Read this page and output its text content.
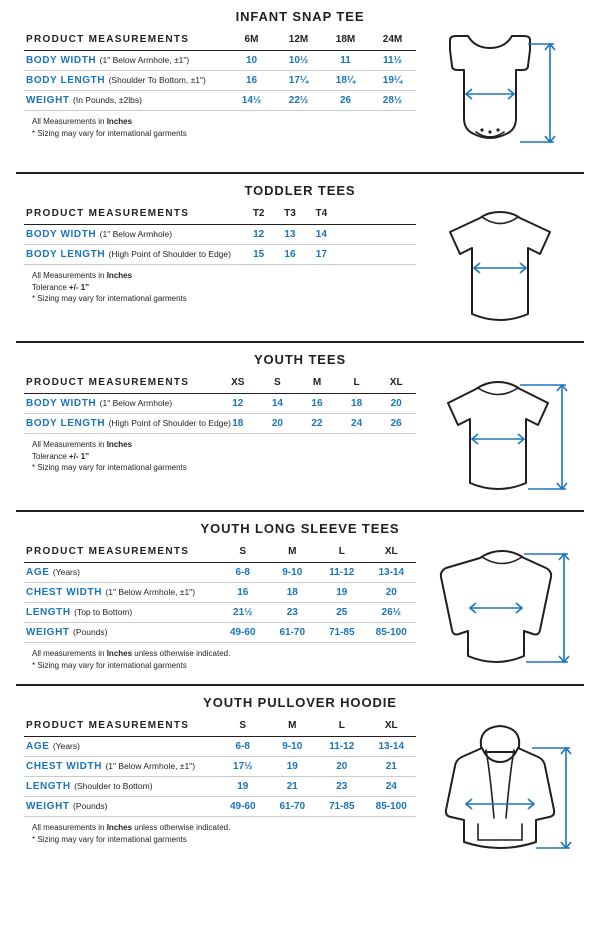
INFANT SNAP TEE
PRODUCT MEASUREMENTS	6M	12M	18M	24M
BODY WIDTH (1" Below Armhole, ±1")	10	10½	11	11½
BODY LENGTH (Shoulder To Bottom, ±1")	16	17¼	18¼	19¼
WEIGHT (In Pounds, ±2lbs)	14½	22½	26	28½
All Measurements in Inches
* Sizing may vary for international garments
TODDLER TEES
PRODUCT MEASUREMENTS	T2	T3	T4	
BODY WIDTH (1" Below Armhole)	12	13	14	
BODY LENGTH (High Point of Shoulder to Edge)	15	16	17	
All Measurements in Inches
Tolerance +/- 1”
* Sizing may vary for international garments
YOUTH TEES
PRODUCT MEASUREMENTS	XS	S	M	L	XL
BODY WIDTH (1" Below Armhole)	12	14	16	18	20
BODY LENGTH (High Point of Shoulder to Edge)	18	20	22	24	26
All Measurements in Inches
Tolerance +/- 1”
* Sizing may vary for international garments
YOUTH LONG SLEEVE TEES
PRODUCT MEASUREMENTS	S	M	L	XL
AGE (Years)	6-8	9-10	11-12	13-14
CHEST WIDTH (1" Below Armhole, ±1")	16	18	19	20
LENGTH (Top to Bottom)	21½	23	25	26½
WEIGHT (Pounds)	49-60	61-70	71-85	85-100
All measurements in Inches unless otherwise indicated.
* Sizing may vary for international garments
YOUTH PULLOVER HOODIE
PRODUCT MEASUREMENTS	S	M	L	XL
AGE (Years)	6-8	9-10	11-12	13-14
CHEST WIDTH (1" Below Armhole, ±1")	17½	19	20	21
LENGTH (Shoulder to Bottom)	19	21	23	24
WEIGHT (Pounds)	49-60	61-70	71-85	85-100
All measurements in Inches unless otherwise indicated.
* Sizing may vary for international garments
